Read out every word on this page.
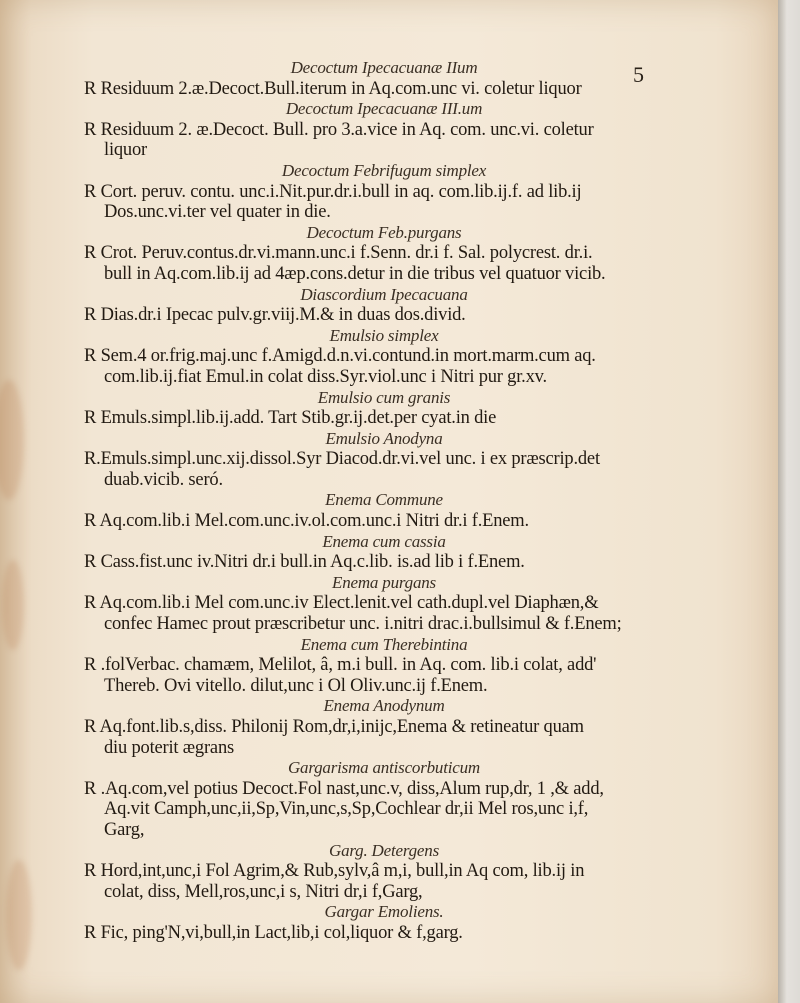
5
Decoctum Ipecacuanæ IIum
R Residuum 2.æ.Decoct.Bull.iterum in Aq.com.unc vi. coletur liquor
Decoctum Ipecacuanæ III.um
R Residuum 2. æ.Decoct. Bull. pro 3.a.vice in Aq. com. unc.vi. coletur
liquor
Decoctum Febrifugum simplex
R Cort. peruv. contu. unc.i.Nit.pur.dr.i.bull in aq. com.lib.ij.f. ad lib.ij
Dos.unc.vi.ter vel quater in die.
Decoctum Feb.purgans
R Crot. Peruv.contus.dr.vi.mann.unc.i f.Senn. dr.i f. Sal. polycrest. dr.i.
bull in Aq.com.lib.ij ad 4æp.cons.detur in die tribus vel quatuor vicib.
Diascordium Ipecacuana
R Dias.dr.i Ipecac pulv.gr.viij.M.& in duas dos.divid.
Emulsio simplex
R Sem.4 or.frig.maj.unc f.Amigd.d.n.vi.contund.in mort.marm.cum aq.
com.lib.ij.fiat Emul.in colat diss.Syr.viol.unc i Nitri pur gr.xv.
Emulsio cum granis
R Emuls.simpl.lib.ij.add. Tart Stib.gr.ij.det.per cyat.in die
Emulsio Anodyna
R.Emuls.simpl.unc.xij.dissol.Syr Diacod.dr.vi.vel unc. i ex præscrip.det
duab.vicib. seró.
Enema Commune
R Aq.com.lib.i Mel.com.unc.iv.ol.com.unc.i Nitri dr.i f.Enem.
Enema cum cassia
R Cass.fist.unc iv.Nitri dr.i bull.in Aq.c.lib. is.ad lib i f.Enem.
Enema purgans
R Aq.com.lib.i Mel com.unc.iv Elect.lenit.vel cath.dupl.vel Diaphæn,&
confec Hamec prout præscribetur unc. i.nitri drac.i.bullsimul & f.Enem;
Enema cum Therebintina
R .folVerbac. chamæm, Melilot, â, m.i bull. in Aq. com. lib.i colat, add'
Thereb. Ovi vitello. dilut,unc i Ol Oliv.unc.ij f.Enem.
Enema Anodynum
R Aq.font.lib.s,diss. Philonij Rom,dr,i,inijc,Enema & retineatur quam
diu poterit ægrans
Gargarisma antiscorbuticum
R .Aq.com,vel potius Decoct.Fol nast,unc.v, diss,Alum rup,dr, 1 ,& add,
Aq.vit Camph,unc,ii,Sp,Vin,unc,s,Sp,Cochlear dr,ii Mel ros,unc i,f,
Garg,
Garg. Detergens
R Hord,int,unc,i Fol Agrim,& Rub,sylv,â m,i, bull,in Aq com, lib.ij in
colat, diss, Mell,ros,unc,i s, Nitri dr,i f,Garg,
Gargar Emoliens.
R Fic, ping'N,vi,bull,in Lact,lib,i col,liquor & f,garg.
